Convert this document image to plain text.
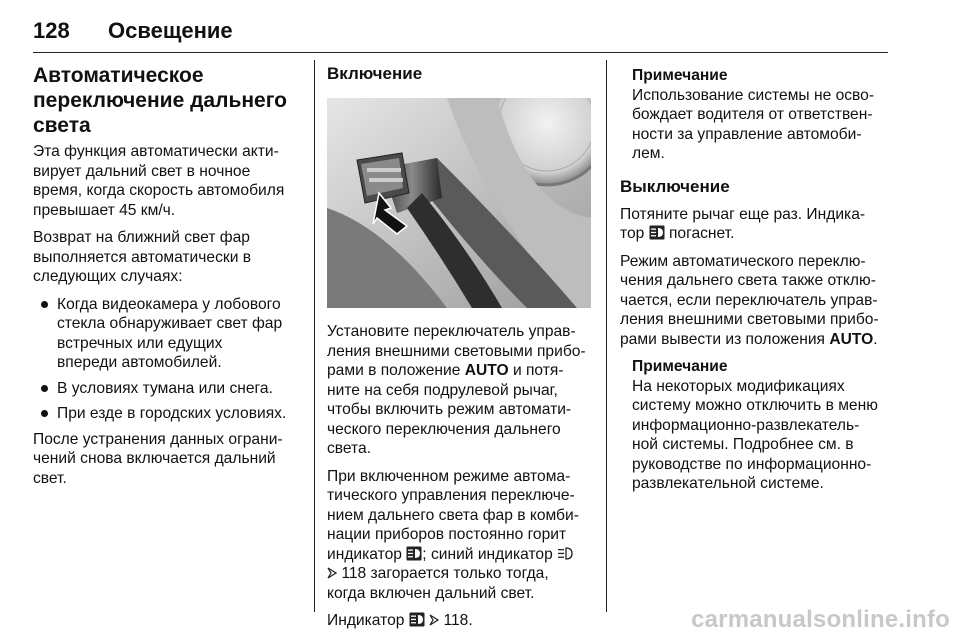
128 Освещение
Автоматическое
переключение дальнего
света

Эта функция автоматически акти-
вирует дальний свет в ночное
время, когда скорость автомобиля
превышает 45 км/ч.

Возврат на ближний свет фар
выполняется автоматически в
следующих случаях:

Когда видеокамера у лобового
стекла обнаруживает свет фар
встречных или едущих
впереди автомобилей.
В условиях тумана или снега.
При езде в городских условиях.

После устранения данных ограни-
чений снова включается дальний
свет.

Включение

Установите переключатель управ-
ления внешними световыми прибо-
рами в положение AUTO и потя-
ните на себя подрулевой рычаг,
чтобы включить режим автомати-
ческого переключения дальнего
света.

При включенном режиме автома-
тического управления переключе-
нием дальнего света фар в комби-
нации приборов постоянно горит
индикатор ; синий индикатор
118 загорается только тогда,
когда включен дальний свет.

Индикатор   118.

Примечание
Использование системы не осво-
бождает водителя от ответствен-
ности за управление автомоби-
лем.
Выключение

Потяните рычаг еще раз. Индика-
тор  погаснет.

Режим автоматического переклю-
чения дальнего света также отклю-
чается, если переключатель управ-
ления внешними световыми прибо-
рами вывести из положения AUTO.

Примечание
На некоторых модификациях
систему можно отключить в меню
информационно-развлекатель-
ной системы. Подробнее см. в
руководстве по информационно-
развлекательной системе.
carmanualsonline.info
